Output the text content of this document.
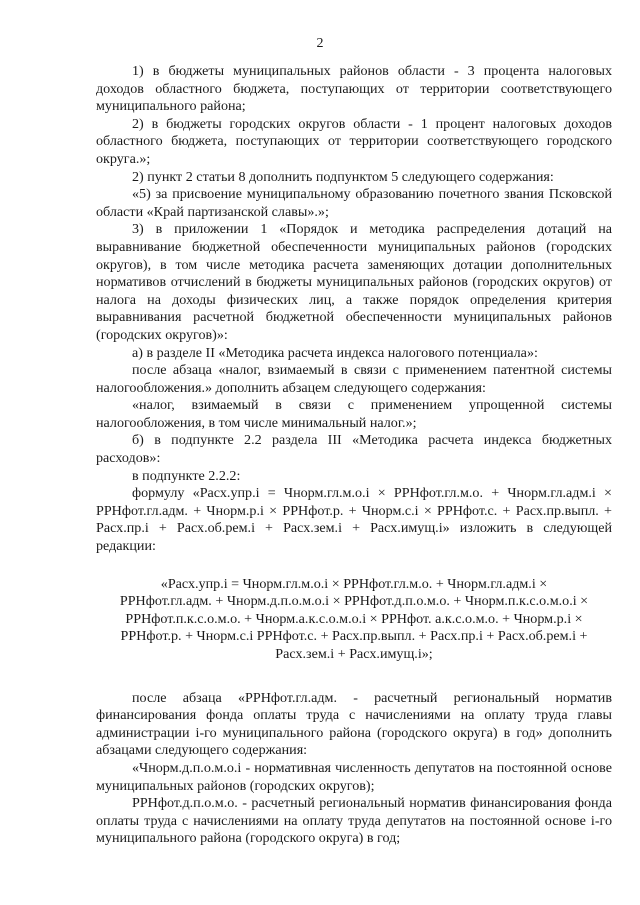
2

1) в бюджеты муниципальных районов области - 3 процента налоговых доходов областного бюджета, поступающих от территории соответствующего муниципального района;

2) в бюджеты городских округов области - 1 процент налоговых доходов областного бюджета, поступающих от территории соответствующего городского округа.»;

2) пункт 2 статьи 8 дополнить подпунктом 5 следующего содержания:

«5) за присвоение муниципальному образованию почетного звания Псковской области «Край партизанской славы».»;

3) в приложении 1 «Порядок и методика распределения дотаций на выравнивание бюджетной обеспеченности муниципальных районов (городских округов), в том числе методика расчета заменяющих дотации дополнительных нормативов отчислений в бюджеты муниципальных районов (городских округов) от налога на доходы физических лиц, а также порядок определения критерия выравнивания расчетной бюджетной обеспеченности муниципальных районов (городских округов)»:

а) в разделе II «Методика расчета индекса налогового потенциала»:

после абзаца «налог, взимаемый в связи с применением патентной системы налогообложения.» дополнить абзацем следующего содержания:

«налог, взимаемый в связи с применением упрощенной системы налогообложения, в том числе минимальный налог.»;

б) в подпункте 2.2 раздела III «Методика расчета индекса бюджетных расходов»:

в подпункте 2.2.2:

формулу «Расх.упр.i = Чнорм.гл.м.о.i × РРНфот.гл.м.о. + Чнорм.гл.адм.i × РРНфот.гл.адм. + Чнорм.р.i × РРНфот.р. + Чнорм.с.i × РРНфот.с. + Расх.пр.выпл. + Расх.пр.i + Расх.об.рем.i + Расх.зем.i + Расх.имущ.i» изложить в следующей редакции:

«Расх.упр.i = Чнорм.гл.м.о.i × РРНфот.гл.м.о. + Чнорм.гл.адм.i ×
РРНфот.гл.адм. + Чнорм.д.п.о.м.о.i × РРНфот.д.п.о.м.о. + Чнорм.п.к.с.о.м.о.i ×
РРНфот.п.к.с.о.м.о. + Чнорм.а.к.с.о.м.о.i × РРНфот. а.к.с.о.м.о. + Чнорм.р.i ×
РРНфот.р. + Чнорм.с.i РРНфот.с. + Расх.пр.выпл. + Расх.пр.i + Расх.об.рем.i +
Расх.зем.i + Расх.имущ.i»;

после абзаца «РРНфот.гл.адм. - расчетный региональный норматив финансирования фонда оплаты труда с начислениями на оплату труда главы администрации i-го муниципального района (городского округа) в год» дополнить абзацами следующего содержания:

«Чнорм.д.п.о.м.о.i - нормативная численность депутатов на постоянной основе муниципальных районов (городских округов);

РРНфот.д.п.о.м.о. - расчетный региональный норматив финансирования фонда оплаты труда с начислениями на оплату труда депутатов на постоянной основе i-го муниципального района (городского округа) в год;
